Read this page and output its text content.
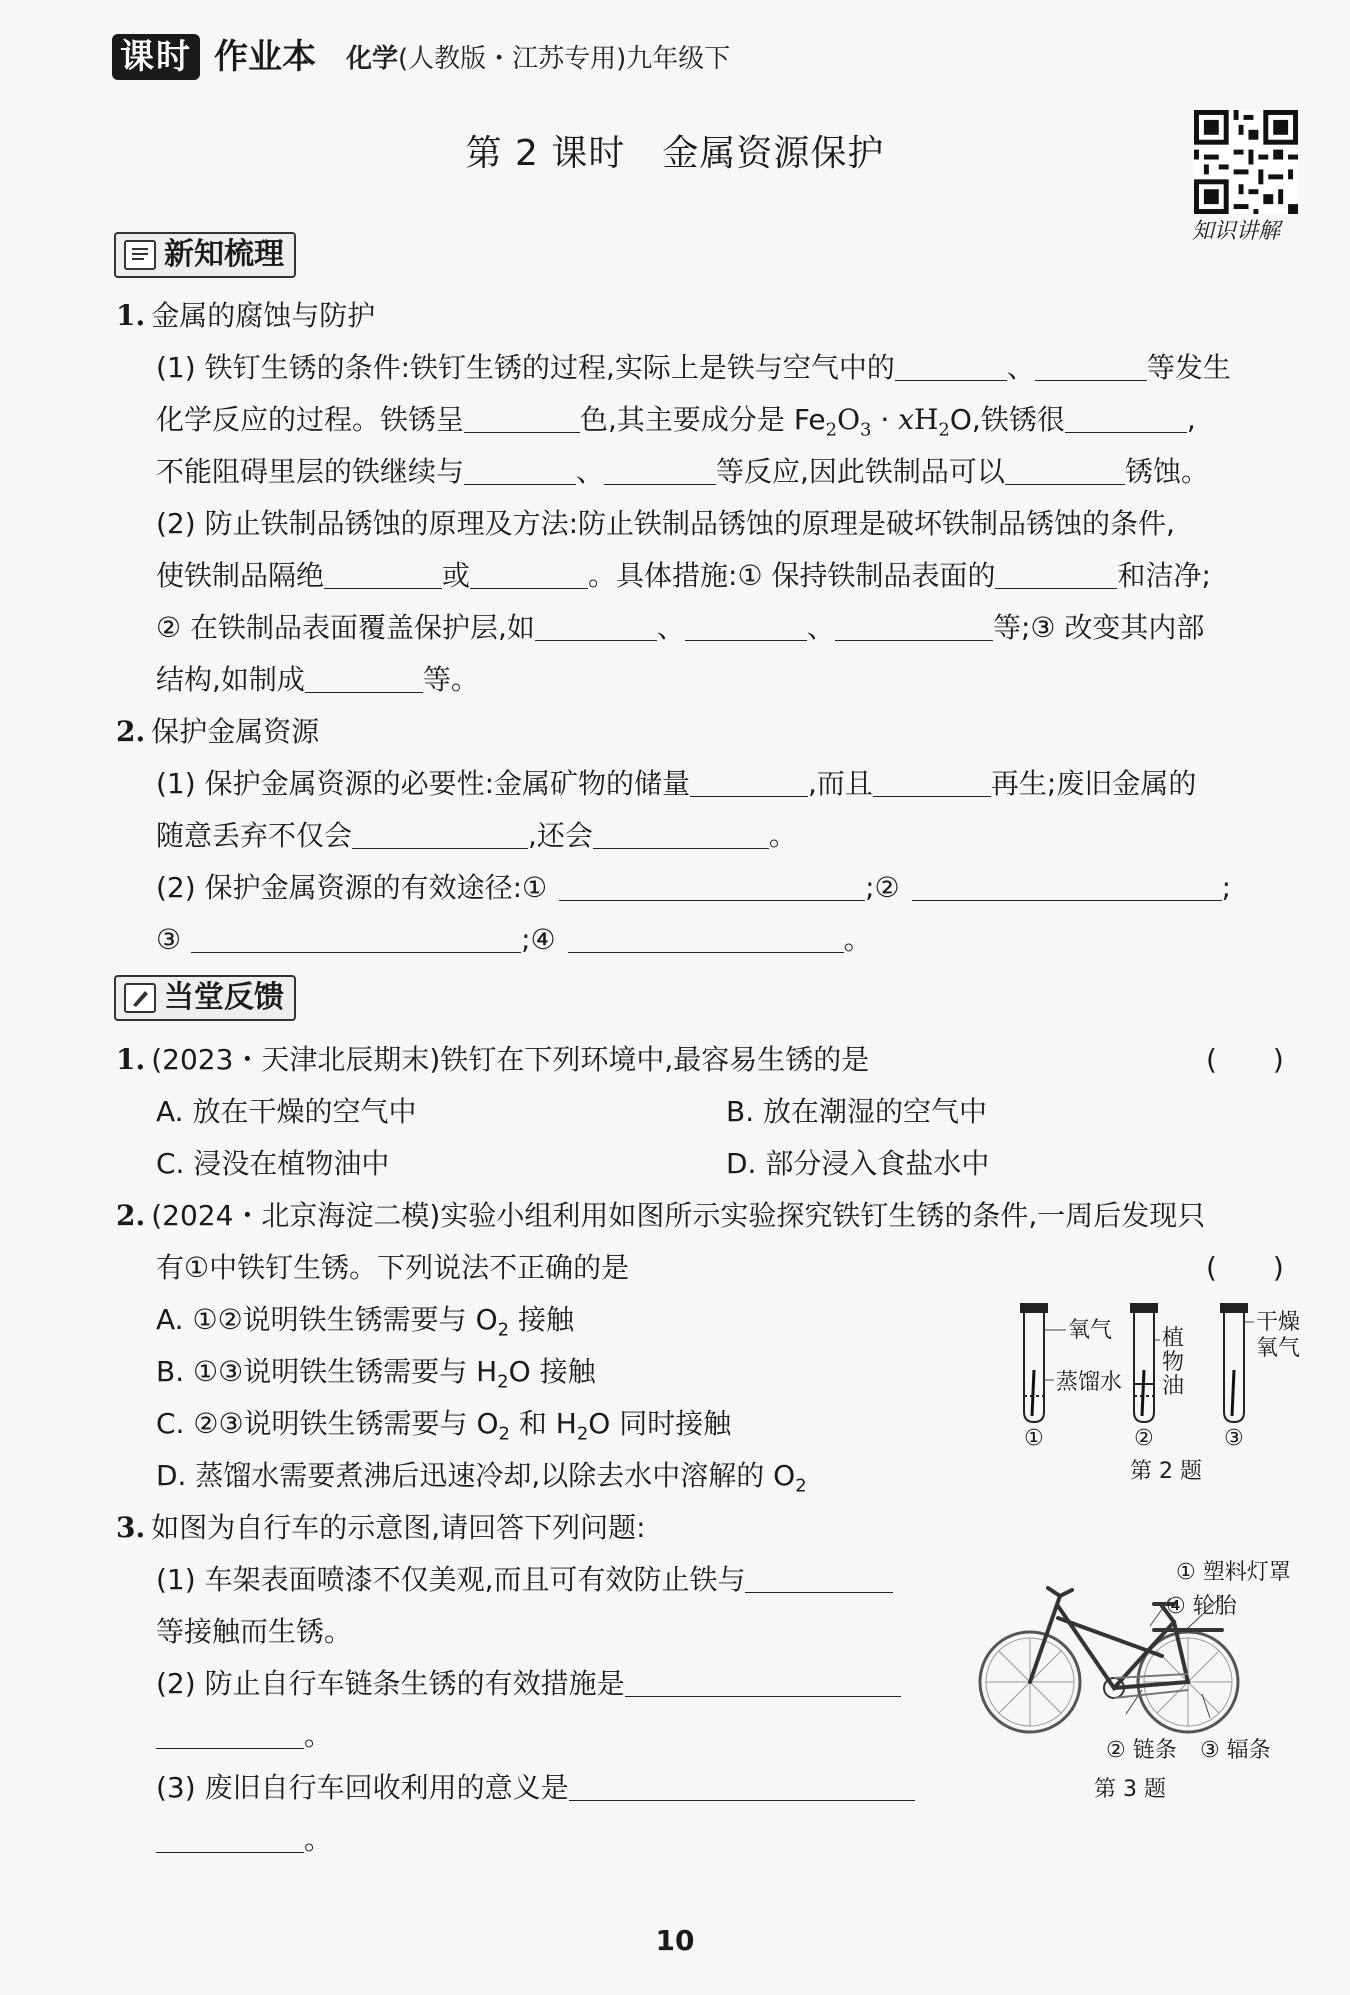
课时 作业本 化学(人教版・江苏专用)九年级下
第 2 课时　金属资源保护
知识讲解
新知梳理
1. 金属的腐蚀与防护
(1) 铁钉生锈的条件:铁钉生锈的过程,实际上是铁与空气中的	、	等发生
化学反应的过程。铁锈呈	色,其主要成分是 $Fe_2O_3 \cdot xH_2O$,铁锈很	,
不能阻碍里层的铁继续与	、	等反应,因此铁制品可以	锈蚀。
(2) 防止铁制品锈蚀的原理及方法:防止铁制品锈蚀的原理是破坏铁制品锈蚀的条件,
使铁制品隔绝	或	。具体措施:① 保持铁制品表面的	和洁净;
② 在铁制品表面覆盖保护层,如	、	、	等;③ 改变其内部
结构,如制成	等。
2. 保护金属资源
(1) 保护金属资源的必要性:金属矿物的储量	,而且	再生;废旧金属的
随意丢弃不仅会	,还会	。
(2) 保护金属资源的有效途径:①	;②	;
③	;④	。
当堂反馈
1. (2023・天津北辰期末)铁钉在下列环境中,最容易生锈的是	(　　)
A. 放在干燥的空气中	B. 放在潮湿的空气中
C. 浸没在植物油中	D. 部分浸入食盐水中
2. (2024・北京海淀二模)实验小组利用如图所示实验探究铁钉生锈的条件,一周后发现只
有①中铁钉生锈。下列说法不正确的是	(　　)
A. ①②说明铁生锈需要与 $O_2$ 接触
B. ①③说明铁生锈需要与 $H_2O$ 接触
C. ②③说明铁生锈需要与 $O_2$ 和 $H_2O$ 同时接触
D. 蒸馏水需要煮沸后迅速冷却,以除去水中溶解的 $O_2$
氧气
蒸馏水
植
物
油
干燥
氧气
①	②	③
第 2 题
3. 如图为自行车的示意图,请回答下列问题:
(1) 车架表面喷漆不仅美观,而且可有效防止铁与
等接触而生锈。
(2) 防止自行车链条生锈的有效措施是
。
(3) 废旧自行车回收利用的意义是
。
① 塑料灯罩
④ 轮胎
② 链条 ③ 辐条
第 3 题
10
